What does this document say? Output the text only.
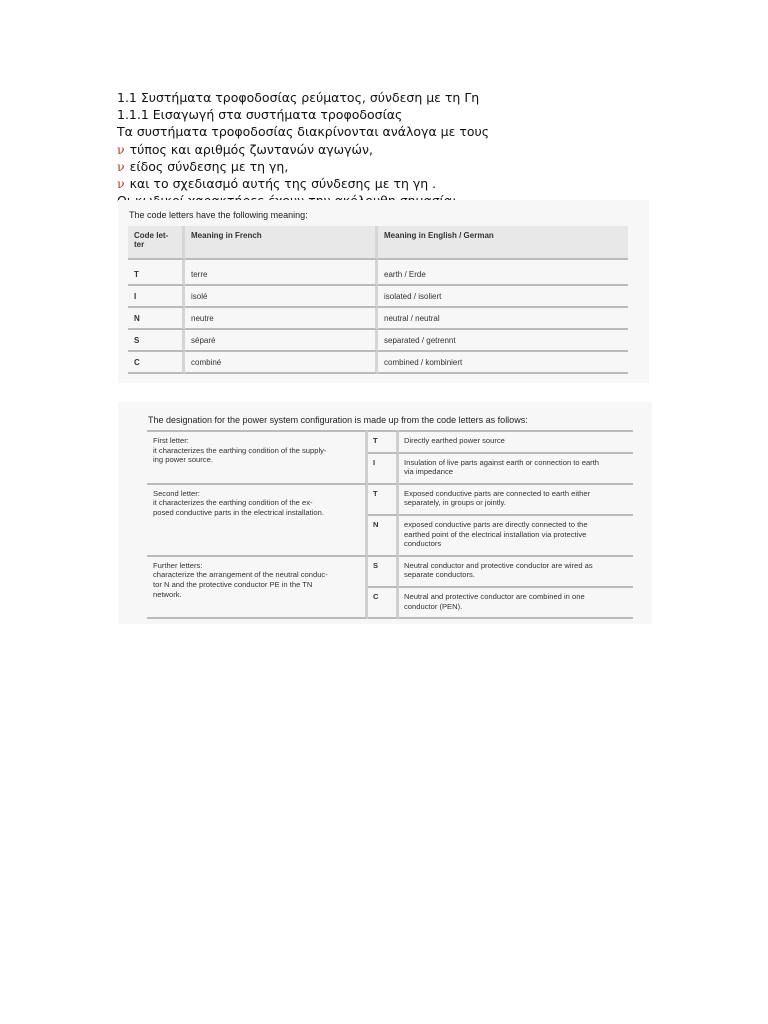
1.1 Συστήματα τροφοδοσίας ρεύματος, σύνδεση με τη Γη
1.1.1 Εισαγωγή στα συστήματα τροφοδοσίας
Τα συστήματα τροφοδοσίας διακρίνονται ανάλογα με τους
ν τύπος και αριθμός ζωντανών αγωγών,
ν είδος σύνδεσης με τη γη,
ν και το σχεδιασμό αυτής της σύνδεσης με τη γη .
The code letters have the following meaning:
Code let-
ter	Meaning in French	Meaning in English / German

T	terre	earth / Erde
I	isolé	isolated / isoliert
N	neutre	neutral / neutral
S	séparé	separated / getrennt
C	combiné	combined / kombiniert
The designation for the power system configuration is made up from the code letters as follows:
First letter:
it characterizes the earthing condition of the supply-
ing power source.	T	Directly earthed power source
	I	Insulation of live parts against earth or connection to earth
via impedance

Second letter:
it characterizes the earthing condition of the ex-
posed conductive parts in the electrical installation.	T	Exposed conductive parts are connected to earth either
separately, in groups or jointly.
	N	exposed conductive parts are directly connected to the
earthed point of the electrical installation via protective
conductors

Further letters:
characterize the arrangement of the neutral conduc-
tor N and the protective conductor PE in the TN
network.	S	Neutral conductor and protective conductor are wired as
separate conductors.
	C	Neutral and protective conductor are combined in one
conductor (PEN).
